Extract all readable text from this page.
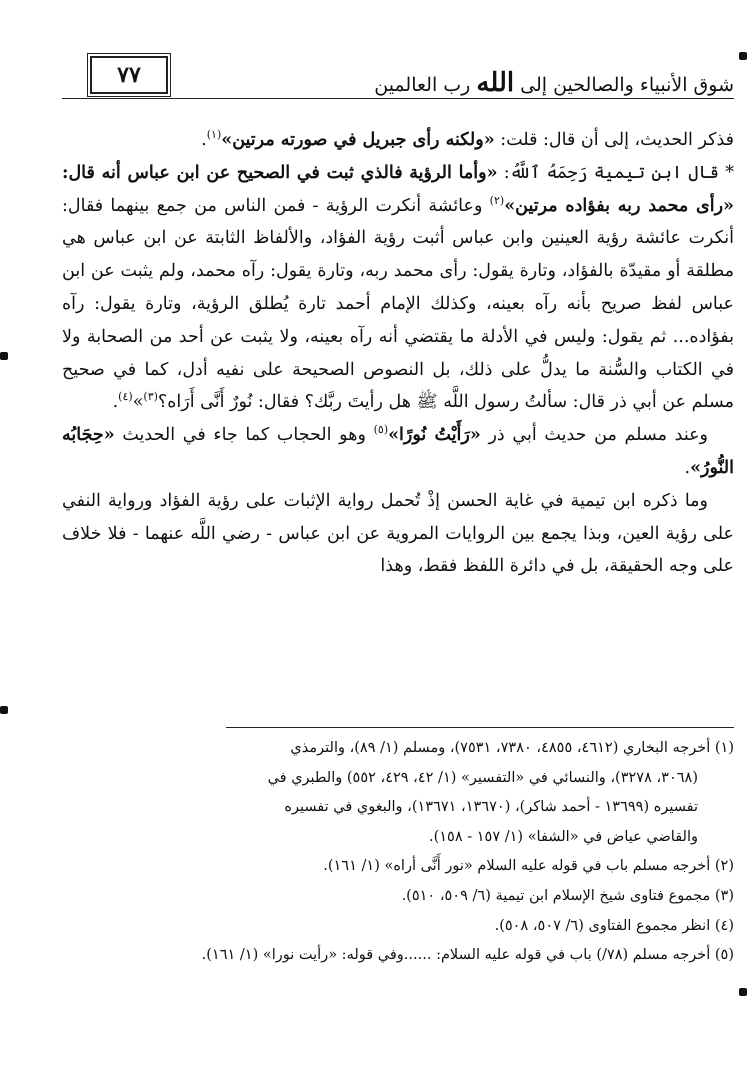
شوق الأنبياء والصالحين إلى الله رب العالمين
٧٧

فذكر الحديث، إلى أن قال: قلت: «ولكنه رأى جبريل في صورته مرتين»$^{(١)}$.

* قال ابن تيمية رَحِمَهُ ٱللَّهُ: «وأما الرؤية فالذي ثبت في الصحيح عن ابن عباس أنه قال: «رأى محمد ربه بفؤاده مرتين»$^{(٢)}$ وعائشة أنكرت الرؤية - فمن الناس من جمع بينهما فقال: أنكرت عائشة رؤية العينين وابن عباس أثبت رؤية الفؤاد، والألفاظ الثابتة عن ابن عباس هي مطلقة أو مقيدّة بالفؤاد، وتارة يقول: رأى محمد ربه، وتارة يقول: رآه محمد، ولم يثبت عن ابن عباس لفظ صريح بأنه رآه بعينه، وكذلك الإمام أحمد تارة يُطلق الرؤية، وتارة يقول: رآه بفؤاده... ثم يقول: وليس في الأدلة ما يقتضي أنه رآه بعينه، ولا يثبت عن أحد من الصحابة ولا في الكتاب والسُّنة ما يدلُّ على ذلك، بل النصوص الصحيحة على نفيه أدل، كما في صحيح مسلم عن أبي ذر قال: سألتُ رسول اللَّه ﷺ هل رأيتَ ربَّك؟ فقال: نُورٌ أَنَّى أَرَاه؟$^{(٣)}$»$^{(٤)}$.

وعند مسلم من حديث أبي ذر «رَأَيْتُ نُورًا»$^{(٥)}$ وهو الحجاب كما جاء في الحديث «حِجَابُه النُّورُ».

وما ذكره ابن تيمية في غاية الحسن إذْ تُحمل رواية الإثبات على رؤية الفؤاد ورواية النفي على رؤية العين، وبذا يجمع بين الروايات المروية عن ابن عباس - رضي اللَّه عنهما - فلا خلاف على وجه الحقيقة، بل في دائرة اللفظ فقط، وهذا

(١) أخرجه البخاري (٤٦١٢، ٤٨٥٥، ٧٣٨٠، ٧٥٣١)، ومسلم (١/ ٨٩)، والترمذي

(٣٠٦٨، ٣٢٧٨)، والنسائي في «التفسير» (١/ ٤٢، ٤٢٩، ٥٥٢) والطبري في

تفسيره (١٣٦٩٩ - أحمد شاكر)، (١٣٦٧٠، ١٣٦٧١)، والبغوي في تفسيره

والقاضي عياض في «الشفا» (١/ ١٥٧ - ١٥٨).

(٢) أخرجه مسلم باب في قوله عليه السلام «نور أَنَّى أراه» (١/ ١٦١).

(٣) مجموع فتاوى شيخ الإسلام ابن تيمية (٦/ ٥٠٩، ٥١٠).

(٤) انظر مجموع الفتاوى (٦/ ٥٠٧، ٥٠٨).

(٥) أخرجه مسلم (٧٨/) باب في قوله عليه السلام: ......وفي قوله: «رأيت نورا» (١/ ١٦١).
